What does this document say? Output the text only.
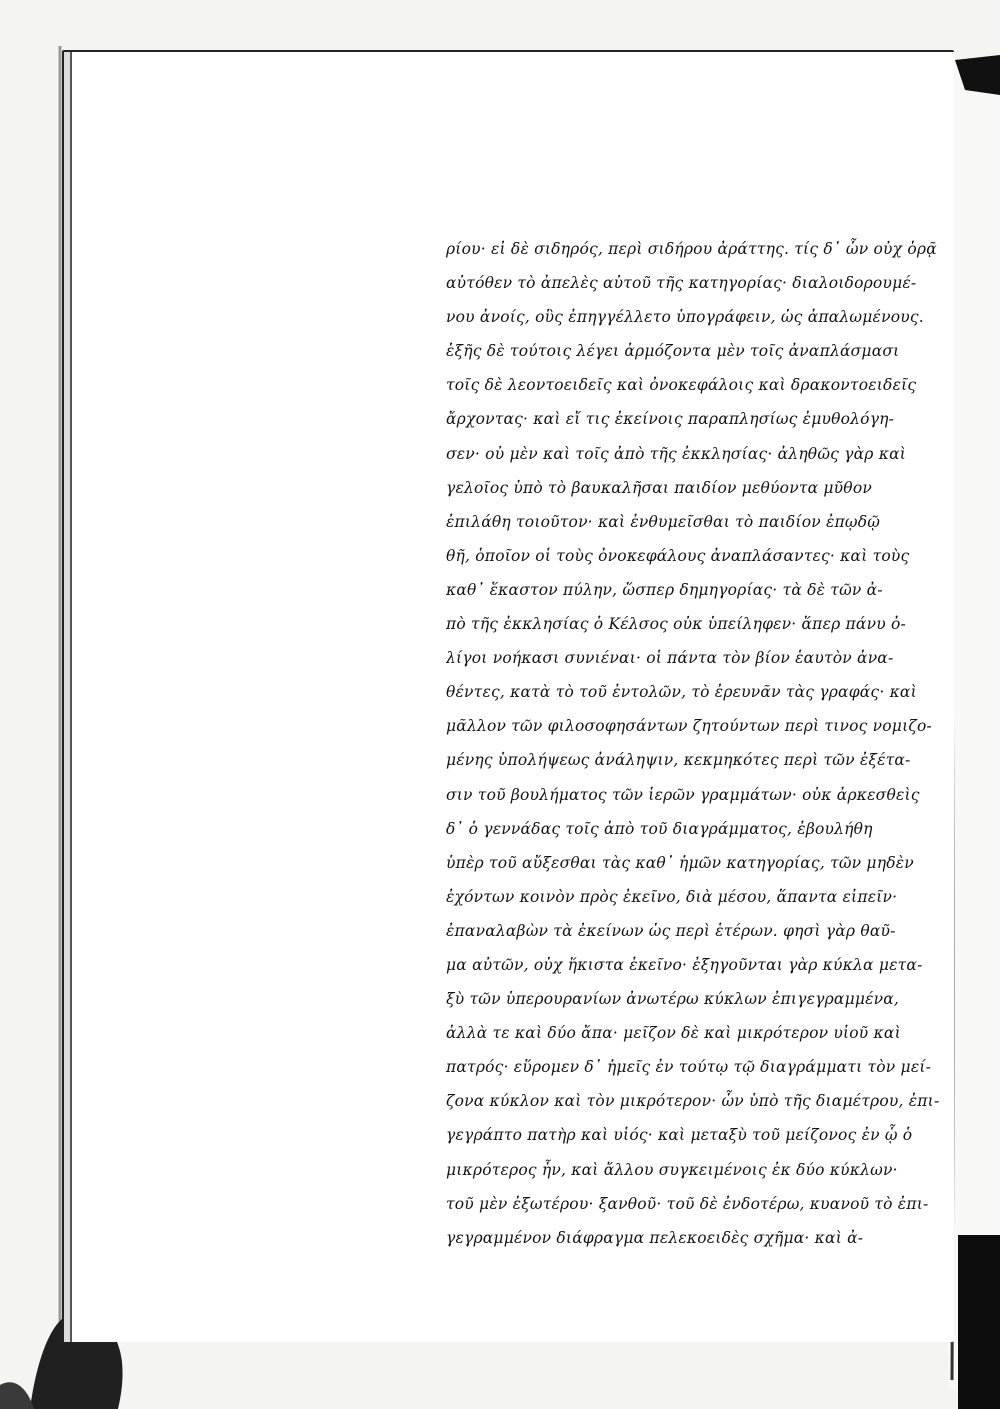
ρίου· εἰ δὲ σιδηρός, περὶ σιδήρου ἀράττης. τίς δ᾽ ὧν οὐχ ὁρᾷ
αὐτόθεν τὸ ἀπελὲς αὐτοῦ τῆς κατηγορίας· διαλοιδορουμέ-
νου ἀνοίς, οὓς ἐπηγγέλλετο ὑπογράφειν, ὡς ἀπαλωμένους.
ἑξῆς δὲ τούτοις λέγει ἁρμόζοντα μὲν τοῖς ἀναπλάσμασι
τοῖς δὲ λεοντοειδεῖς καὶ ὀνοκεφάλοις καὶ δρακοντοειδεῖς
ἄρχοντας· καὶ εἴ τις ἐκείνοις παραπλησίως ἐμυθολόγη-
σεν· οὐ μὲν καὶ τοῖς ἀπὸ τῆς ἐκκλησίας· ἀληθῶς γὰρ καὶ
γελοῖος ὑπὸ τὸ βαυκαλῆσαι παιδίον μεθύοντα μῦθον
ἐπιλάθη τοιοῦτον· καὶ ἐνθυμεῖσθαι τὸ παιδίον ἐπῳδῷ
θῆ, ὁποῖον οἱ τοὺς ὀνοκεφάλους ἀναπλάσαντες· καὶ τοὺς
καθ᾽ ἕκαστον πύλην, ὥσπερ δημηγορίας· τὰ δὲ τῶν ἀ-
πὸ τῆς ἐκκλησίας ὁ Κέλσος οὐκ ὑπείληφεν· ἅπερ πάνυ ὀ-
λίγοι νοήκασι συνιέναι· οἱ πάντα τὸν βίον ἑαυτὸν ἀνα-
θέντες, κατὰ τὸ τοῦ ἐντολῶν, τὸ ἐρευνᾶν τὰς γραφάς· καὶ
μᾶλλον τῶν φιλοσοφησάντων ζητούντων περὶ τινος νομιζο-
μένης ὑπολήψεως ἀνάληψιν, κεκμηκότες περὶ τῶν ἐξέτα-
σιν τοῦ βουλήματος τῶν ἱερῶν γραμμάτων· οὐκ ἀρκεσθεὶς
δ᾽ ὁ γεννάδας τοῖς ἀπὸ τοῦ διαγράμματος, ἐβουλήθη
ὑπὲρ τοῦ αὔξεσθαι τὰς καθ᾽ ἡμῶν κατηγορίας, τῶν μηδὲν
ἐχόντων κοινὸν πρὸς ἐκεῖνο, διὰ μέσου, ἅπαντα εἰπεῖν·
ἐπαναλαβὼν τὰ ἐκείνων ὡς περὶ ἑτέρων. φησὶ γὰρ θαῦ-
μα αὐτῶν, οὐχ ἥκιστα ἐκεῖνο· ἐξηγοῦνται γὰρ κύκλα μετα-
ξὺ τῶν ὑπερουρανίων ἀνωτέρω κύκλων ἐπιγεγραμμένα,
ἀλλὰ τε καὶ δύο ἄπα· μεῖζον δὲ καὶ μικρότερον υἱοῦ καὶ
πατρός· εὕρομεν δ᾽ ἡμεῖς ἐν τούτῳ τῷ διαγράμματι τὸν μεί-
ζονα κύκλον καὶ τὸν μικρότερον· ὧν ὑπὸ τῆς διαμέτρου, ἐπι-
γεγράπτο πατὴρ καὶ υἱός· καὶ μεταξὺ τοῦ μείζονος ἐν ᾧ ὁ
μικρότερος ἦν, καὶ ἄλλου συγκειμένοις ἐκ δύο κύκλων·
τοῦ μὲν ἐξωτέρου· ξανθοῦ· τοῦ δὲ ἐνδοτέρω, κυανοῦ τὸ ἐπι-
γεγραμμένον διάφραγμα πελεκοειδὲς σχῆμα· καὶ ἀ-
